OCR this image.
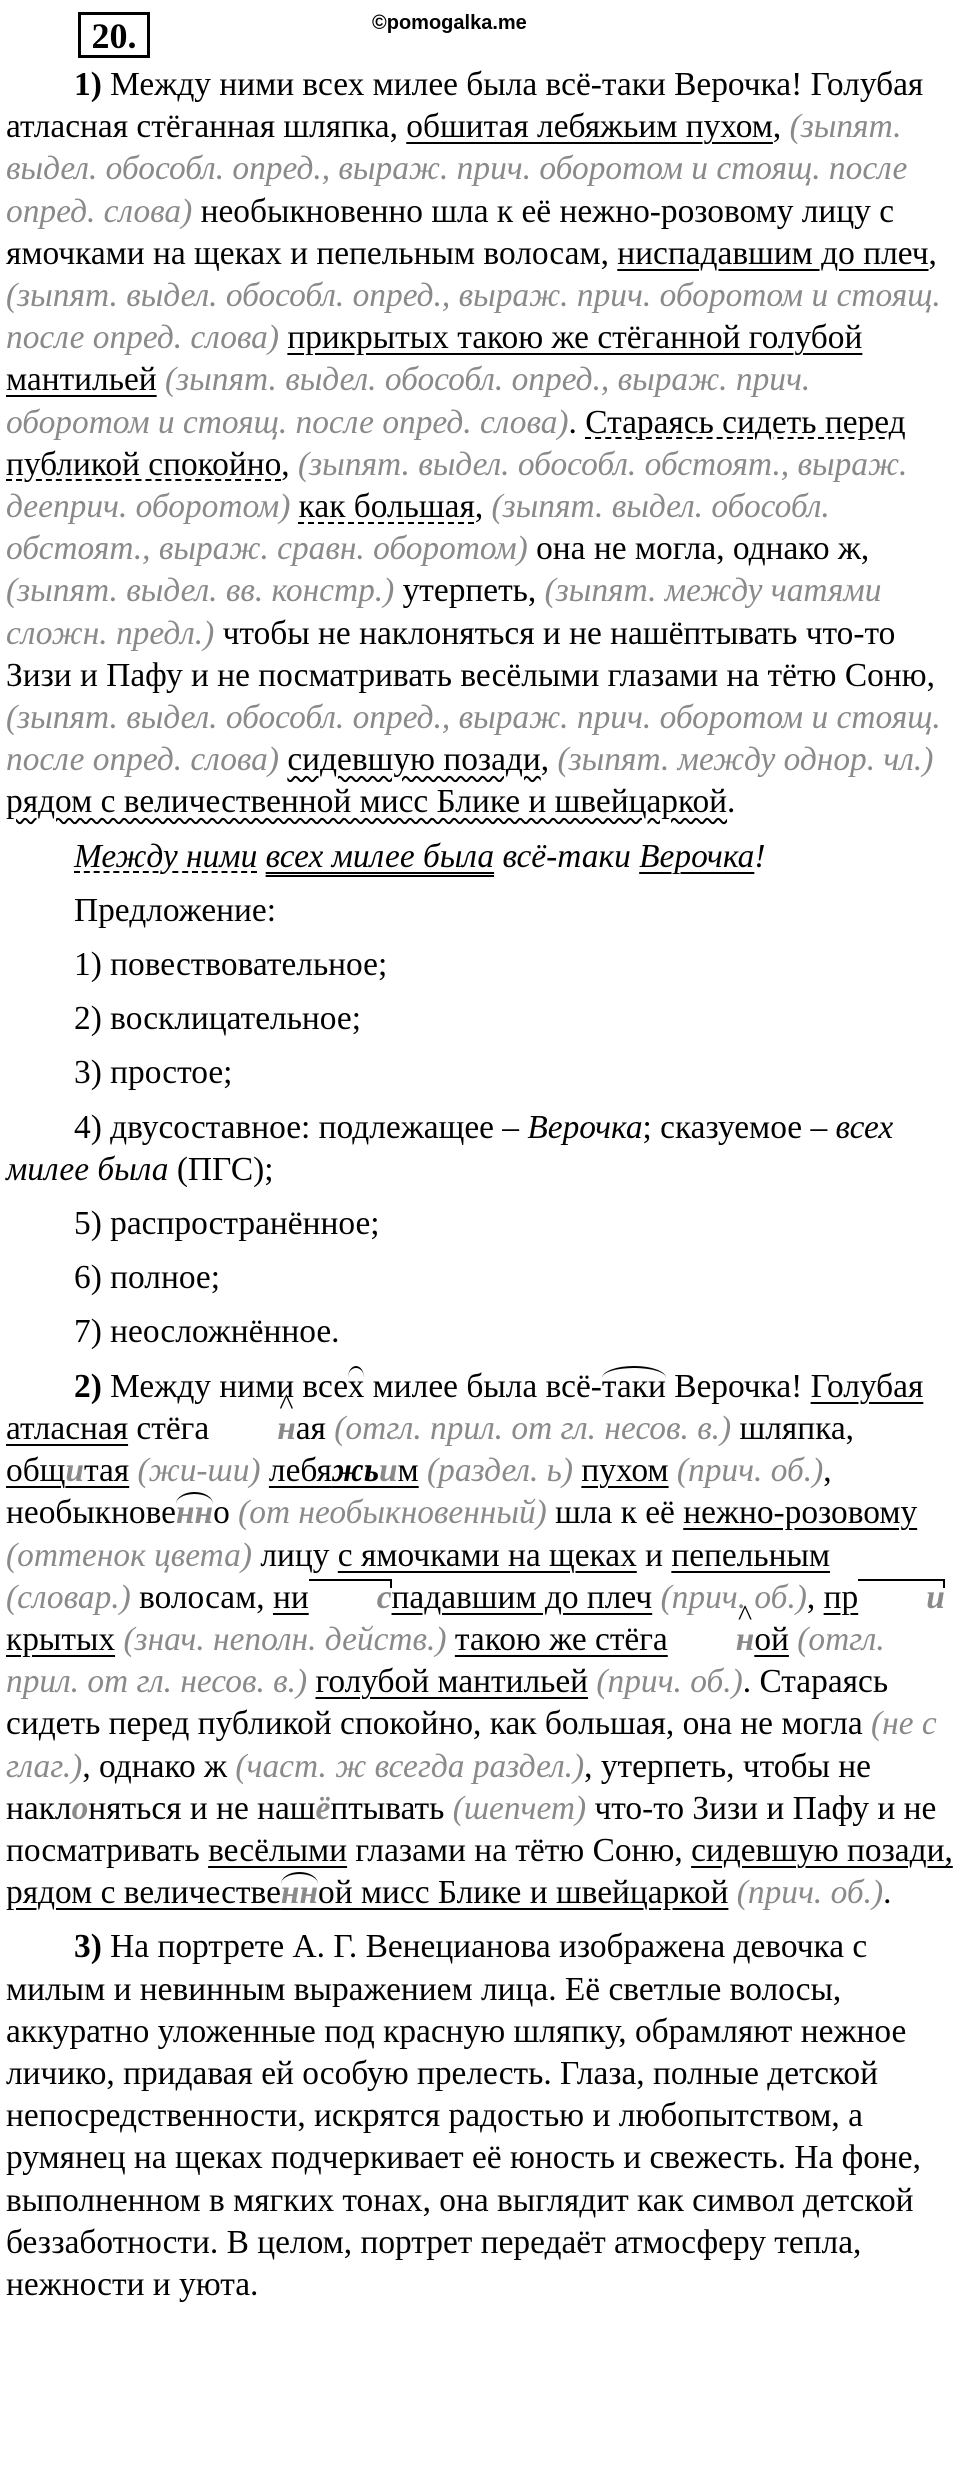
20.	©pomogalka.me

1) Между ними всех милее была всё-таки Верочка! Голубая атласная стёганная шляпка, обшитая лебяжьим пухом, (зыпят. выдел. обособл. опред., выраж. прич. оборотом и стоящ. после опред. слова) необыкновенно шла к её нежно-розовому лицу с ямочками на щеках и пепельным волосам, ниспадавшим до плеч, (зыпят. выдел. обособл. опред., выраж. прич. оборотом и стоящ. после опред. слова) прикрытых такою же стёганной голубой мантильей (зыпят. выдел. обособл. опред., выраж. прич. оборотом и стоящ. после опред. слова). Стараясь сидеть перед публикой спокойно, (зыпят. выдел. обособл. обстоят., выраж. дееприч. оборотом) как большая, (зыпят. выдел. обособл. обстоят., выраж. сравн. оборотом) она не могла, однако ж, (зыпят. выдел. вв. констр.) утерпеть, (зыпят. между чатями сложн. предл.) чтобы не наклоняться и не нашёптывать что-то Зизи и Пафу и не посматривать весёлыми глазами на тётю Соню, (зыпят. выдел. обособл. опред., выраж. прич. оборотом и стоящ. после опред. слова) сидевшую позади, (зыпят. между однор. чл.) рядом с величественной мисс Блике и швейцаркой.

Между ними всех милее была всё-таки Верочка!

Предложение:

1) повествовательное;

2) восклицательное;

3) простое;

4) двусоставное: подлежащее – Верочка; сказуемое – всех милее была (ПГС);

5) распространённое;

6) полное;

7) неосложнённое.

2) Между ними всех милее была всё-таки Верочка! Голубая атласная стёга ^ ная (отгл. прил. от гл. несов. в.) шляпка, общитая (жи-ши) лебяжьим (раздел. ь) пухом (прич. об.), необыкновенно (от необыкновенный) шла к её нежно-розовому (оттенок цвета) лицу с ямочками на щеках и пепельным (словар.) волосам, ни спадавшим до плеч (прич. об.), пр икрытых (знач. неполн. действ.) такою же стёга ^ ной (отгл. прил. от гл. несов. в.) голубой мантильей (прич. об.). Стараясь сидеть перед публикой спокойно, как большая, она не могла (не с глаг.), однако ж (част. ж всегда раздел.), утерпеть, чтобы не наклоняться и не нашёптывать (шепчет) что-то Зизи и Пафу и не посматривать весёлыми глазами на тётю Соню, сидевшую позади, рядом с величественной мисс Блике и швейцаркой (прич. об.).

3) На портрете А. Г. Венецианова изображена девочка с милым и невинным выражением лица. Её светлые волосы, аккуратно уложенные под красную шляпку, обрамляют нежное личико, придавая ей особую прелесть. Глаза, полные детской непосредственности, искрятся радостью и любопытством, а румянец на щеках подчеркивает её юность и свежесть. На фоне, выполненном в мягких тонах, она выглядит как символ детской беззаботности. В целом, портрет передаёт атмосферу тепла, нежности и уюта.
